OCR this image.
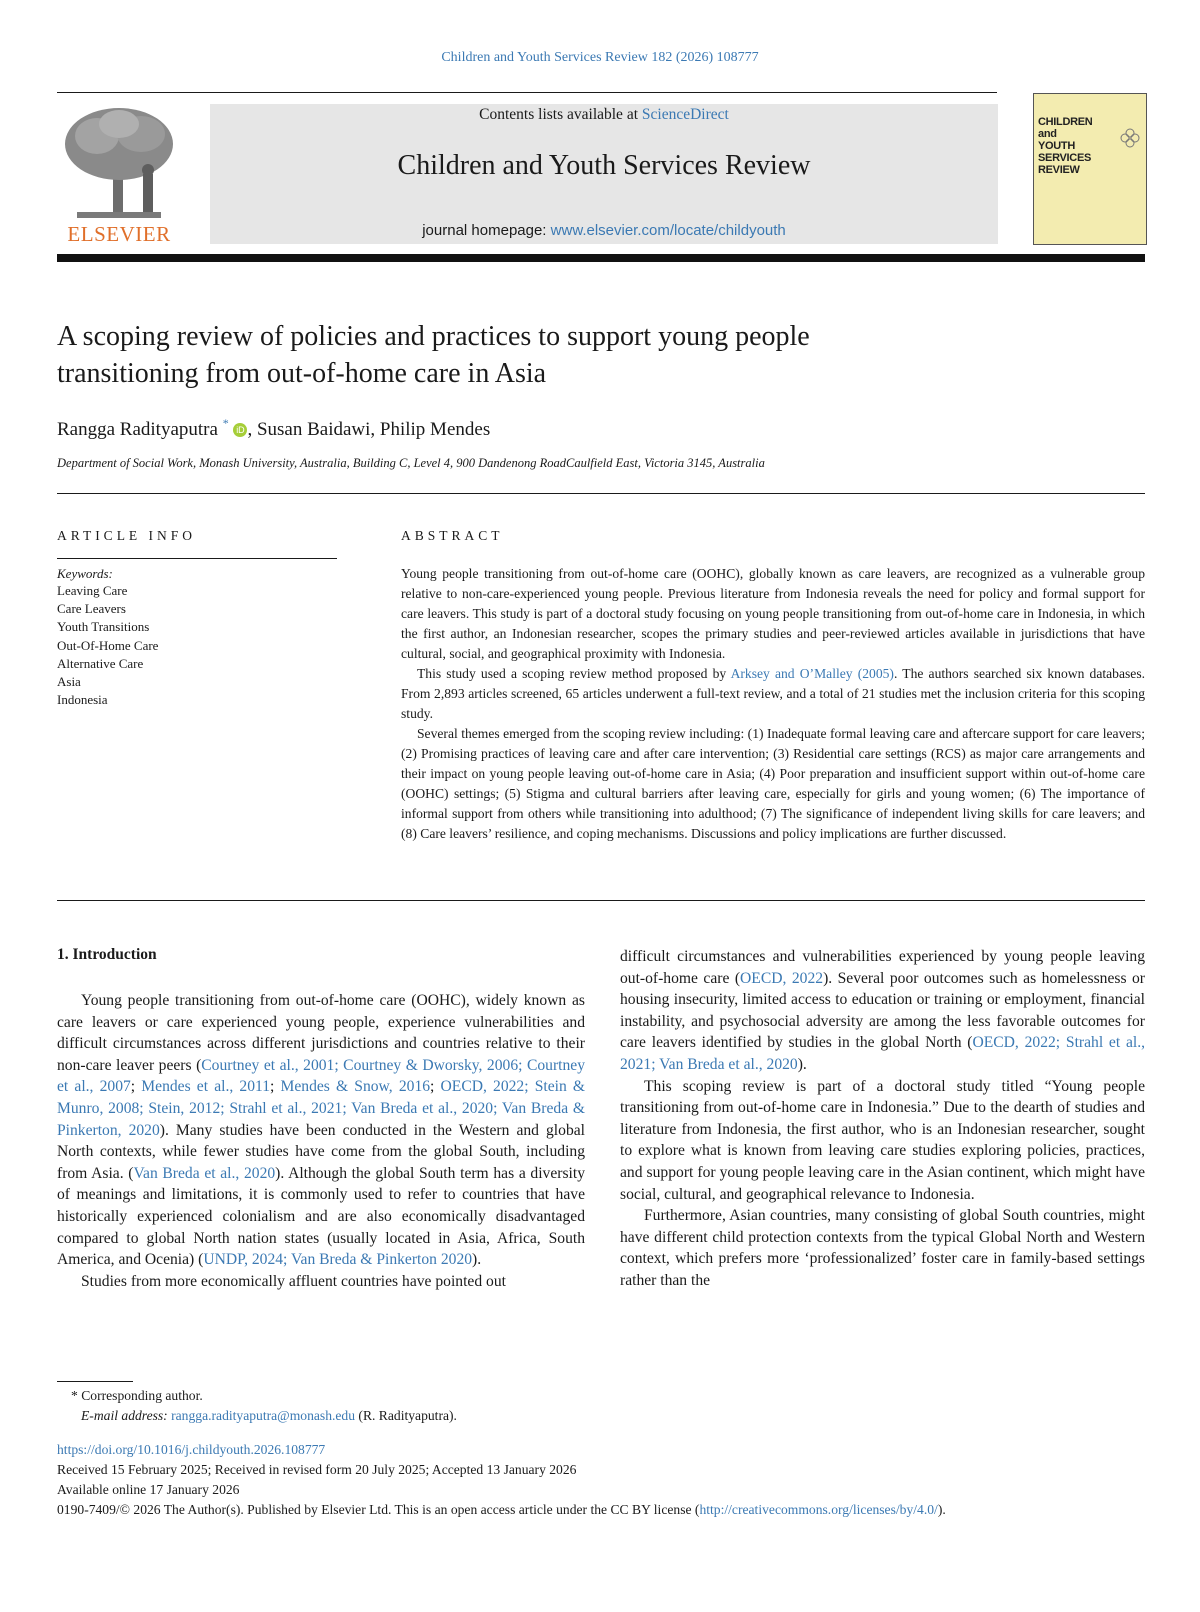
Children and Youth Services Review 182 (2026) 108777
ELSEVIER
Contents lists available at ScienceDirect
Children and Youth Services Review
journal homepage: www.elsevier.com/locate/childyouth
CHILDREN
and
YOUTH
SERVICES
REVIEW
A scoping review of policies and practices to support young people transitioning from out-of-home care in Asia
Rangga Radityaputra * iD , Susan Baidawi, Philip Mendes
Department of Social Work, Monash University, Australia, Building C, Level 4, 900 Dandenong RoadCaulfield East, Victoria 3145, Australia
ARTICLE INFO
Keywords:
Leaving Care
Care Leavers
Youth Transitions
Out-Of-Home Care
Alternative Care
Asia
Indonesia
ABSTRACT

Young people transitioning from out-of-home care (OOHC), globally known as care leavers, are recognized as a vulnerable group relative to non-care-experienced young people. Previous literature from Indonesia reveals the need for policy and formal support for care leavers. This study is part of a doctoral study focusing on young people transitioning from out-of-home care in Indonesia, in which the first author, an Indonesian researcher, scopes the primary studies and peer-reviewed articles available in jurisdictions that have cultural, social, and geographical proximity with Indonesia.

This study used a scoping review method proposed by Arksey and O’Malley (2005). The authors searched six known databases. From 2,893 articles screened, 65 articles underwent a full-text review, and a total of 21 studies met the inclusion criteria for this scoping study.

Several themes emerged from the scoping review including: (1) Inadequate formal leaving care and aftercare support for care leavers; (2) Promising practices of leaving care and after care intervention; (3) Residential care settings (RCS) as major care arrangements and their impact on young people leaving out-of-home care in Asia; (4) Poor preparation and insufficient support within out-of-home care (OOHC) settings; (5) Stigma and cultural barriers after leaving care, especially for girls and young women; (6) The importance of informal support from others while transitioning into adulthood; (7) The significance of independent living skills for care leavers; and (8) Care leavers’ resilience, and coping mechanisms. Discussions and policy implications are further discussed.

1. Introduction

Young people transitioning from out-of-home care (OOHC), widely known as care leavers or care experienced young people, experience vulnerabilities and difficult circumstances across different jurisdictions and countries relative to their non-care leaver peers (Courtney et al., 2001; Courtney & Dworsky, 2006; Courtney et al., 2007; Mendes et al., 2011; Mendes & Snow, 2016; OECD, 2022; Stein & Munro, 2008; Stein, 2012; Strahl et al., 2021; Van Breda et al., 2020; Van Breda & Pinkerton, 2020). Many studies have been conducted in the Western and global North contexts, while fewer studies have come from the global South, including from Asia. (Van Breda et al., 2020). Although the global South term has a diversity of meanings and limitations, it is commonly used to refer to countries that have historically experienced colonialism and are also economically disadvantaged compared to global North nation states (usually located in Asia, Africa, South America, and Ocenia) (UNDP, 2024; Van Breda & Pinkerton 2020).

Studies from more economically affluent countries have pointed out

difficult circumstances and vulnerabilities experienced by young people leaving out-of-home care (OECD, 2022). Several poor outcomes such as homelessness or housing insecurity, limited access to education or training or employment, financial instability, and psychosocial adversity are among the less favorable outcomes for care leavers identified by studies in the global North (OECD, 2022; Strahl et al., 2021; Van Breda et al., 2020).

This scoping review is part of a doctoral study titled “Young people transitioning from out-of-home care in Indonesia.” Due to the dearth of studies and literature from Indonesia, the first author, who is an Indonesian researcher, sought to explore what is known from leaving care studies exploring policies, practices, and support for young people leaving care in the Asian continent, which might have social, cultural, and geographical relevance to Indonesia.

Furthermore, Asian countries, many consisting of global South countries, might have different child protection contexts from the typical Global North and Western context, which prefers more ‘professionalized’ foster care in family-based settings rather than the

* Corresponding author.
E-mail address: rangga.radityaputra@monash.edu (R. Radityaputra).
https://doi.org/10.1016/j.childyouth.2026.108777
Received 15 February 2025; Received in revised form 20 July 2025; Accepted 13 January 2026
Available online 17 January 2026
0190-7409/© 2026 The Author(s). Published by Elsevier Ltd. This is an open access article under the CC BY license (http://creativecommons.org/licenses/by/4.0/).
